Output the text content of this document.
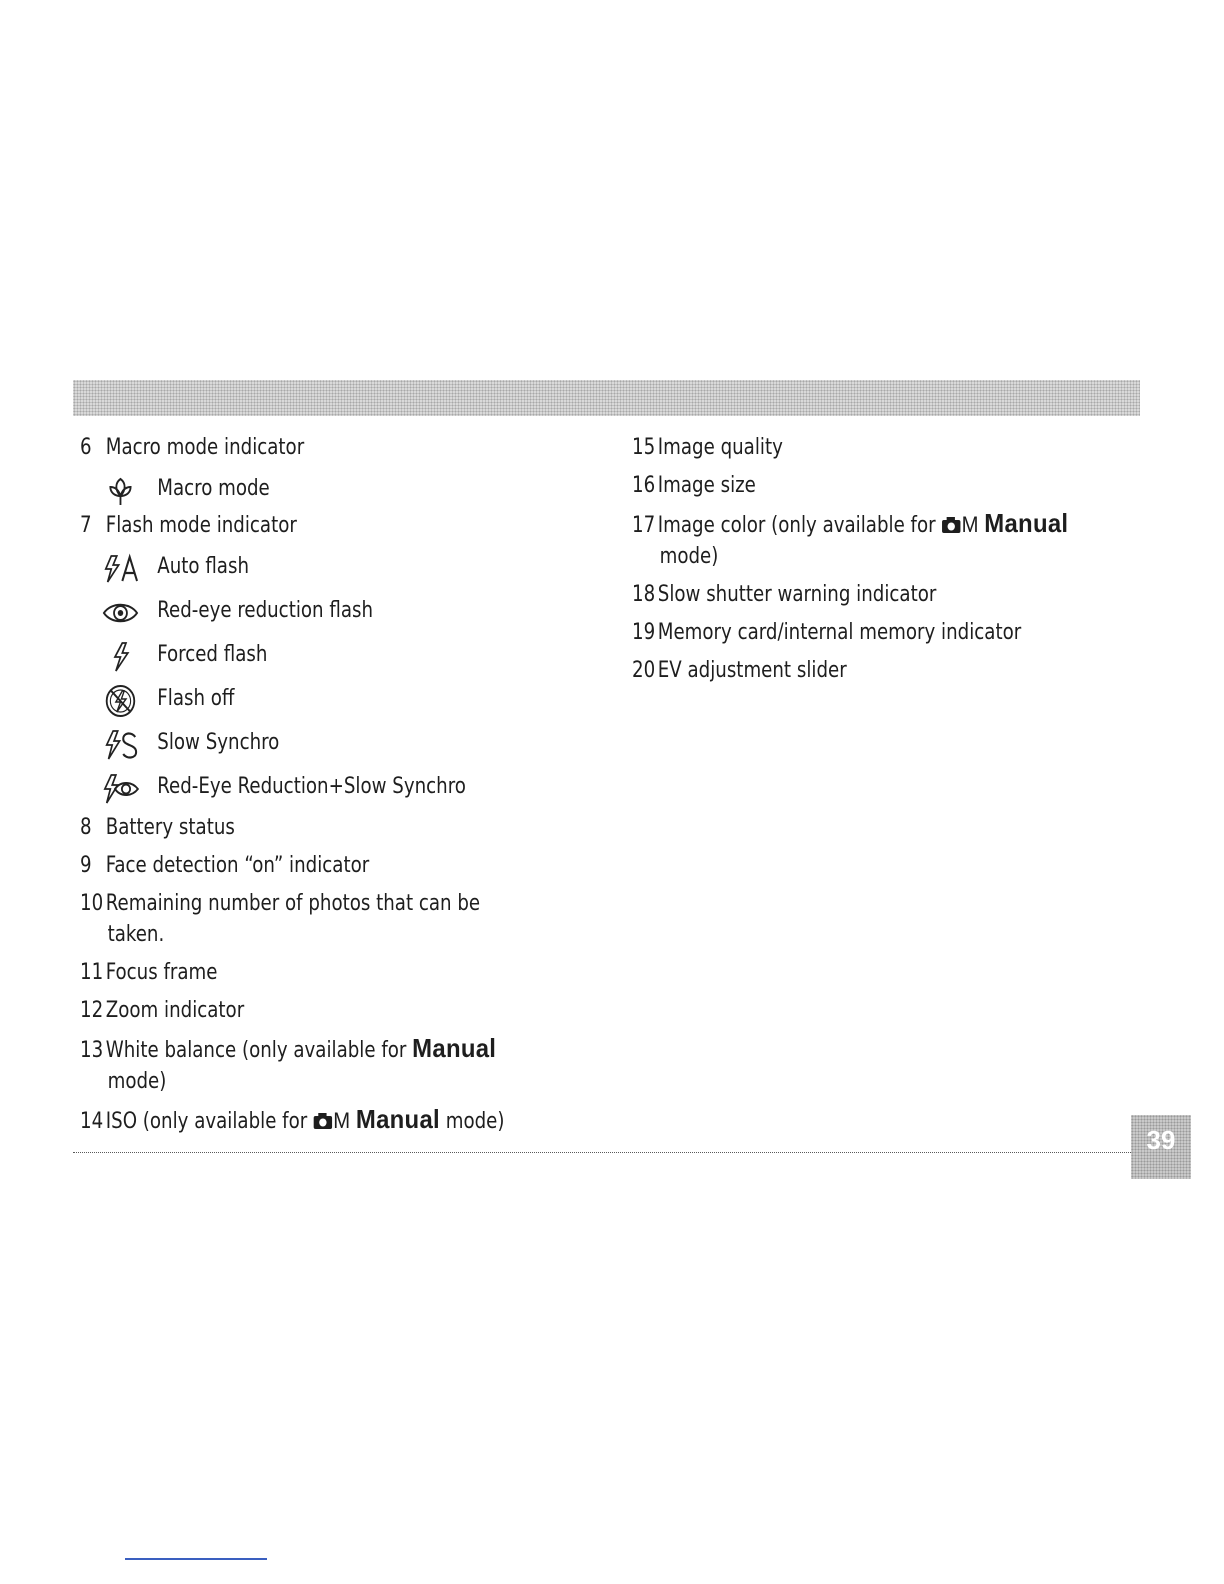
6 Macro mode indicator
Macro mode
7 Flash mode indicator
Auto flash
Red-eye reduction flash
Forced flash
Flash off
Slow Synchro
Red-Eye Reduction+Slow Synchro
8 Battery status
9 Face detection “on” indicator
10 Remaining number of photos that can be
taken.
11 Focus frame
12 Zoom indicator
13 White balance (only available for Manual
mode)
14 ISO (only available for M Manual mode)
15 Image quality
16 Image size
17 Image color (only available for M Manual
mode)
18 Slow shutter warning indicator
19 Memory card/internal memory indicator
20 EV adjustment slider
39
